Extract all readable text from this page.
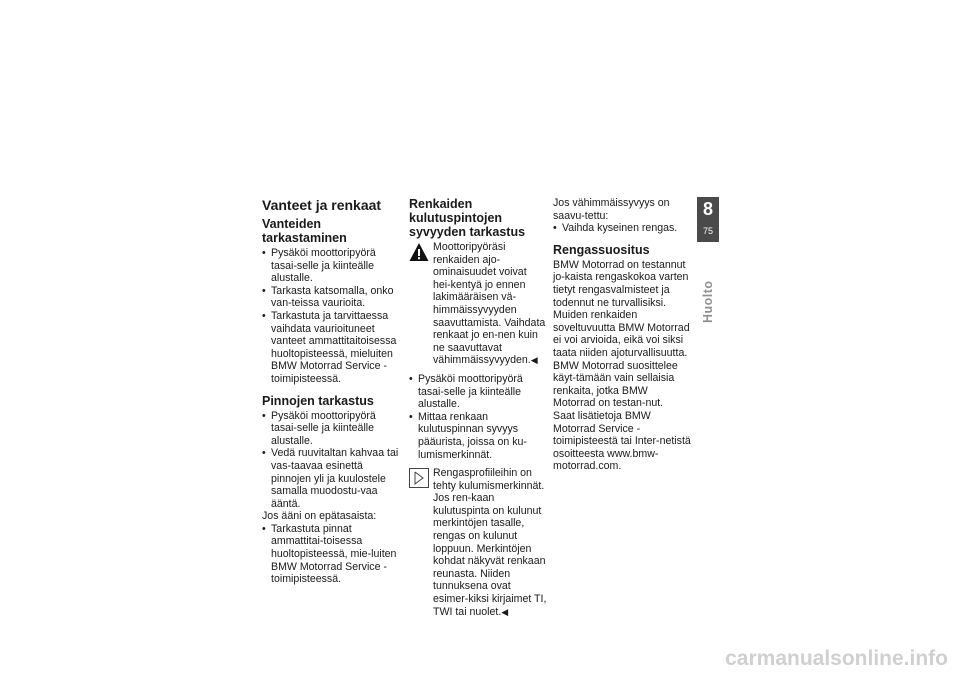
Vanteet ja renkaat
Vanteiden tarkastaminen
• Pysäköi moottoripyörä tasai-selle ja kiinteälle alustalle.
• Tarkasta katsomalla, onko van-teissa vaurioita.
• Tarkastuta ja tarvittaessa vaihdata vaurioituneet vanteet ammattitaitoisessa huoltopisteessä, mieluiten BMW Motorrad Service -toimipisteessä.
Pinnojen tarkastus
• Pysäköi moottoripyörä tasai-selle ja kiinteälle alustalle.
• Vedä ruuvitaltan kahvaa tai vas-taavaa esinettä pinnojen yli ja kuulostele samalla muodostu-vaa ääntä.

Jos ääni on epätasaista:

• Tarkastuta pinnat ammattitai-toisessa huoltopisteessä, mie-luiten BMW Motorrad Service -toimipisteessä.
Renkaiden kulutuspintojen syvyyden tarkastus
Moottoripyöräsi renkaiden ajo-ominaisuudet voivat hei-kentyä jo ennen lakimääräisen vä-himmäissyvyyden saavuttamista. Vaihdata renkaat jo en-nen kuin ne saavuttavat vähimmäissyvyyden.◀
• Pysäköi moottoripyörä tasai-selle ja kiinteälle alustalle.
• Mittaa renkaan kulutuspinnan syvyys pääurista, joissa on ku-lumismerkinnät.
Rengasprofiileihin on tehty kulumismerkinnät. Jos ren-kaan kulutuspinta on kulunut merkintöjen tasalle, rengas on kulunut loppuun. Merkintöjen kohdat näkyvät renkaan reunasta. Niiden tunnuksena ovat esimer-kiksi kirjaimet TI, TWI tai nuolet.◀

Jos vähimmäissyvyys on saavu-tettu:

• Vaihda kyseinen rengas.
Rengassuositus

BMW Motorrad on testannut jo-kaista rengaskokoa varten tietyt rengasvalmisteet ja todennut ne turvallisiksi. Muiden renkaiden soveltuvuutta BMW Motorrad ei voi arvioida, eikä voi siksi taata niiden ajoturvallisuutta.

BMW Motorrad suosittelee käyt-tämään vain sellaisia renkaita, jotka BMW Motorrad on testan-nut.

Saat lisätietoja BMW Motorrad Service -toimipisteestä tai Inter-netistä osoitteesta www.bmw-motorrad.com.

8
75
Huolto
carmanualsonline.info
